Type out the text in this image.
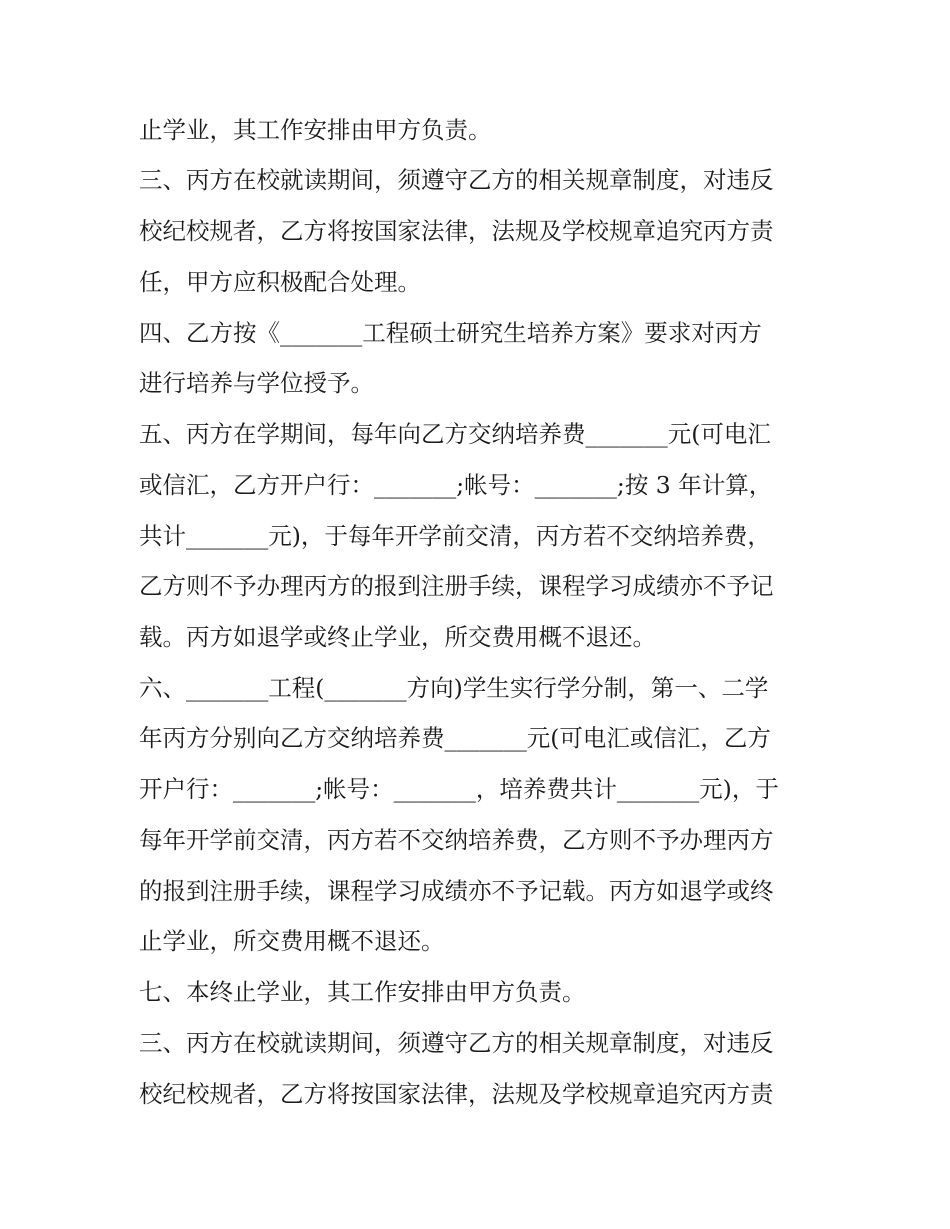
止学业，其工作安排由甲方负责。
三、丙方在校就读期间，须遵守乙方的相关规章制度，对违反
校纪校规者，乙方将按国家法律，法规及学校规章追究丙方责
任，甲方应积极配合处理。
四、乙方按《_______工程硕士研究生培养方案》要求对丙方
进行培养与学位授予。
五、丙方在学期间，每年向乙方交纳培养费_______元(可电汇
或信汇，乙方开户行：_______;帐号：_______;按 3 年计算，
共计_______元)，于每年开学前交清，丙方若不交纳培养费，
乙方则不予办理丙方的报到注册手续，课程学习成绩亦不予记
载。丙方如退学或终止学业，所交费用概不退还。
六、_______工程(_______方向)学生实行学分制，第一、二学
年丙方分别向乙方交纳培养费_______元(可电汇或信汇，乙方
开户行：_______;帐号：_______，培养费共计_______元)，于
每年开学前交清，丙方若不交纳培养费，乙方则不予办理丙方
的报到注册手续，课程学习成绩亦不予记载。丙方如退学或终
止学业，所交费用概不退还。
七、本终止学业，其工作安排由甲方负责。
三、丙方在校就读期间，须遵守乙方的相关规章制度，对违反
校纪校规者，乙方将按国家法律，法规及学校规章追究丙方责
